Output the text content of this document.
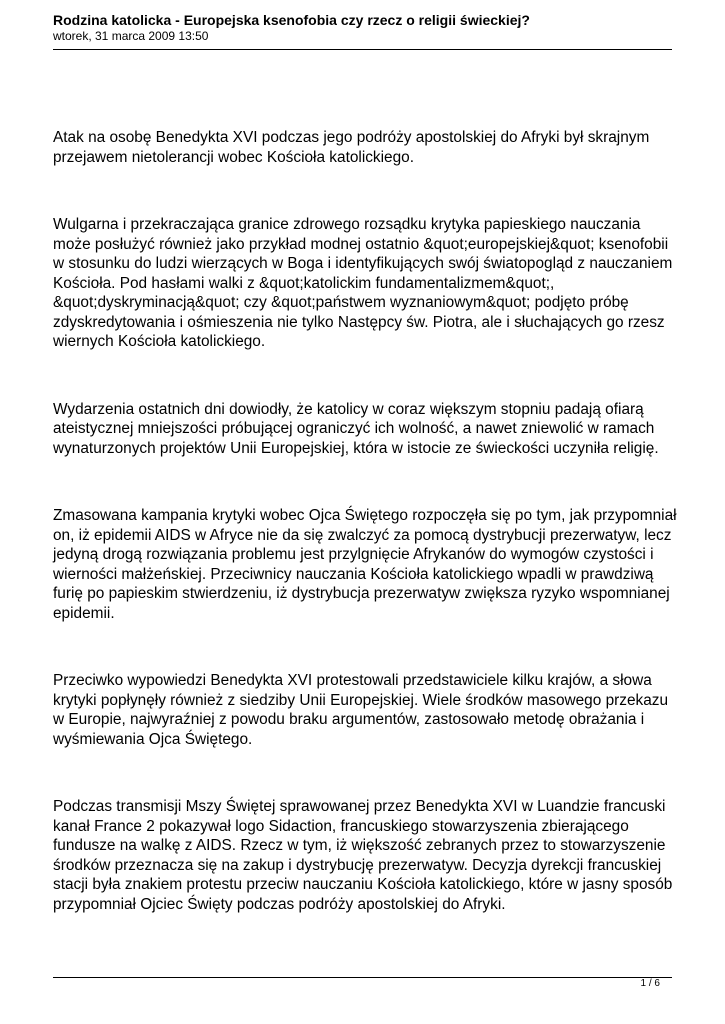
Rodzina katolicka - Europejska ksenofobia czy rzecz o religii świeckiej?
wtorek, 31 marca 2009 13:50

Atak na osobę Benedykta XVI podczas jego podróży apostolskiej do Afryki był skrajnym przejawem nietolerancji wobec Kościoła katolickiego.

Wulgarna i przekraczająca granice zdrowego rozsądku krytyka papieskiego nauczania może posłużyć również jako przykład modnej ostatnio &quot;europejskiej&quot; ksenofobii w stosunku do ludzi wierzących w Boga i identyfikujących swój światopogląd z nauczaniem Kościoła. Pod hasłami walki z &quot;katolickim fundamentalizmem&quot;, &quot;dyskryminacją&quot; czy &quot;państwem wyznaniowym&quot; podjęto próbę zdyskredytowania i ośmieszenia nie tylko Następcy św. Piotra, ale i słuchających go rzesz wiernych Kościoła katolickiego.

Wydarzenia ostatnich dni dowiodły, że katolicy w coraz większym stopniu padają ofiarą ateistycznej mniejszości próbującej ograniczyć ich wolność, a nawet zniewolić w ramach wynaturzonych projektów Unii Europejskiej, która w istocie ze świeckości uczyniła religię.

Zmasowana kampania krytyki wobec Ojca Świętego rozpoczęła się po tym, jak przypomniał on, iż epidemii AIDS w Afryce nie da się zwalczyć za pomocą dystrybucji prezerwatyw, lecz jedyną drogą rozwiązania problemu jest przylgnięcie Afrykanów do wymogów czystości i wierności małżeńskiej. Przeciwnicy nauczania Kościoła katolickiego wpadli w prawdziwą furię po papieskim stwierdzeniu, iż dystrybucja prezerwatyw zwiększa ryzyko wspomnianej epidemii.

Przeciwko wypowiedzi Benedykta XVI protestowali przedstawiciele kilku krajów, a słowa krytyki popłynęły również z siedziby Unii Europejskiej. Wiele środków masowego przekazu w Europie, najwyraźniej z powodu braku argumentów, zastosowało metodę obrażania i wyśmiewania Ojca Świętego.

Podczas transmisji Mszy Świętej sprawowanej przez Benedykta XVI w Luandzie francuski kanał France 2 pokazywał logo Sidaction, francuskiego stowarzyszenia zbierającego fundusze na walkę z AIDS. Rzecz w tym, iż większość zebranych przez to stowarzyszenie środków przeznacza się na zakup i dystrybucję prezerwatyw. Decyzja dyrekcji francuskiej stacji była znakiem protestu przeciw nauczaniu Kościoła katolickiego, które w jasny sposób przypomniał Ojciec Święty podczas podróży apostolskiej do Afryki.

1 / 6
